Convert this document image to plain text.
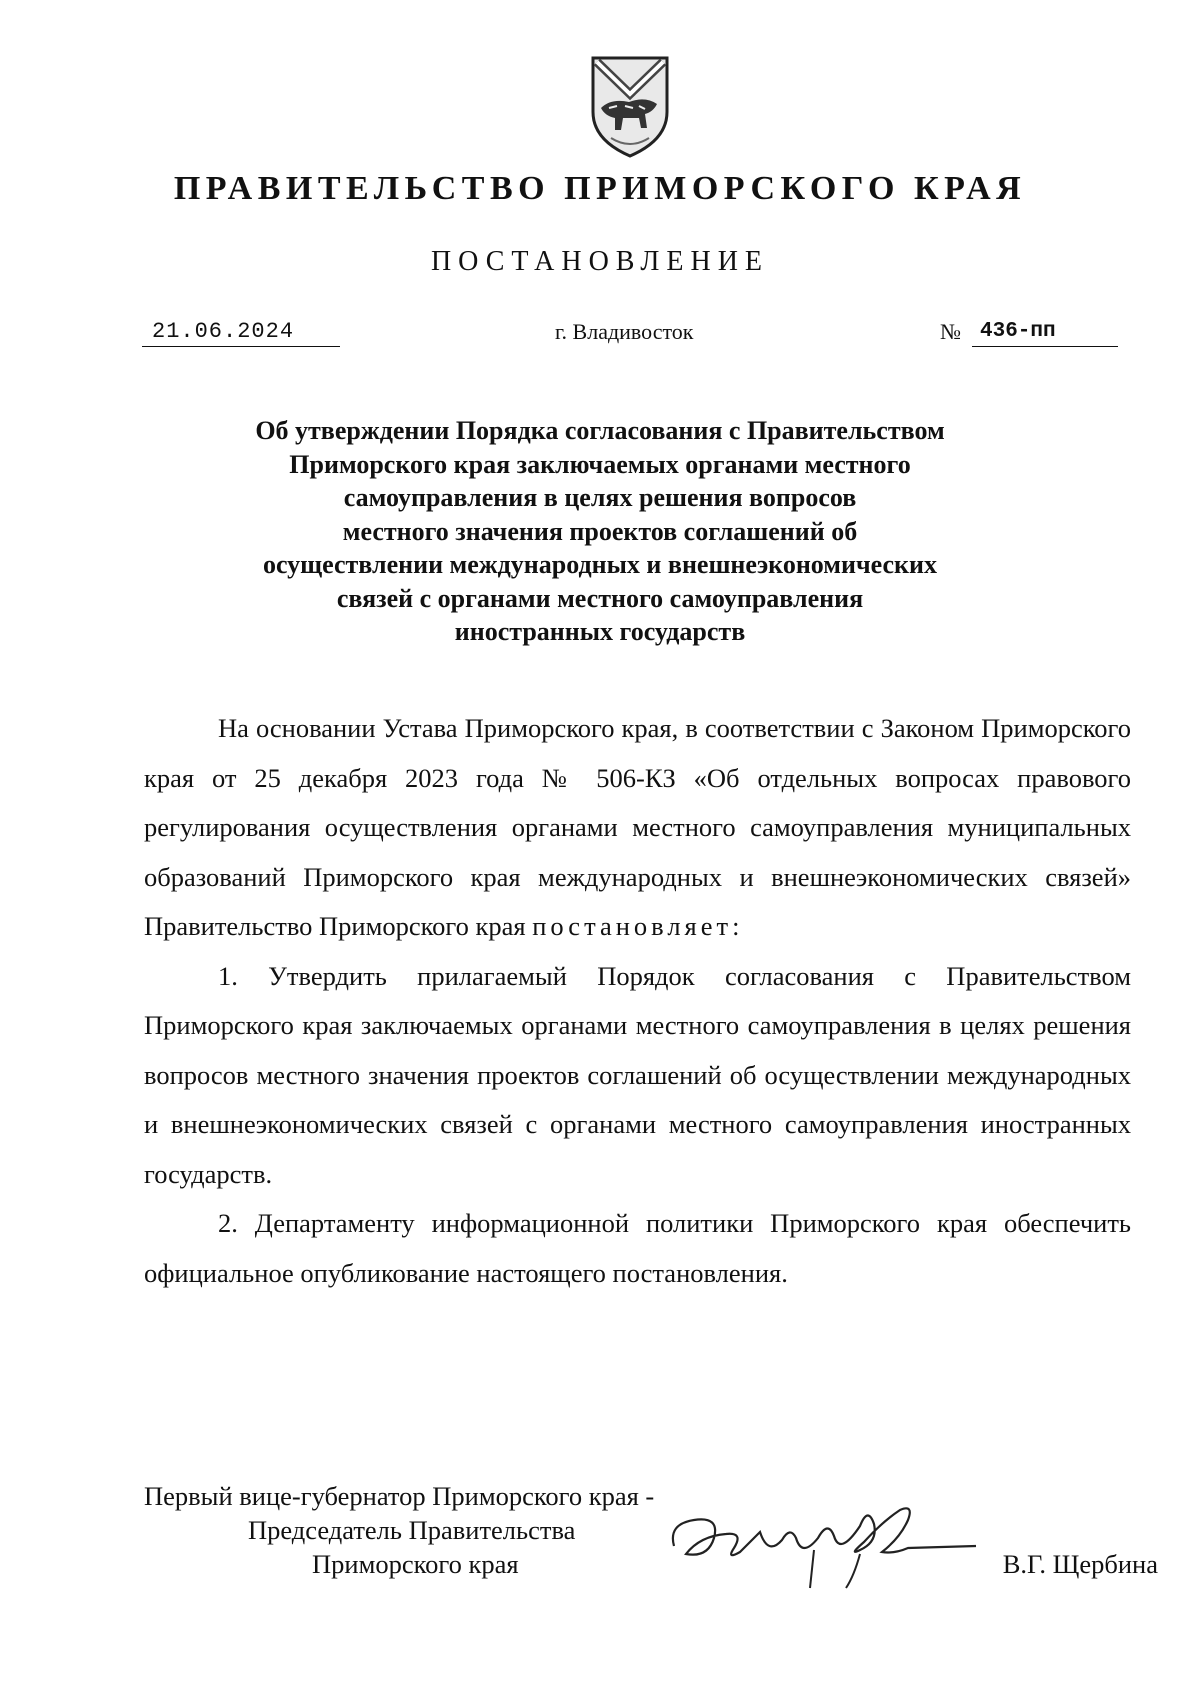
ПРАВИТЕЛЬСТВО ПРИМОРСКОГО КРАЯ
ПОСТАНОВЛЕНИЕ
21.06.2024	г. Владивосток	№ 436-пп
Об утверждении Порядка согласования с Правительством
Приморского края заключаемых органами местного
самоуправления в целях решения вопросов
местного значения проектов соглашений об
осуществлении международных и внешнеэкономических
связей с органами местного самоуправления
иностранных государств

На основании Устава Приморского края, в соответствии с Законом Приморского края от 25 декабря 2023 года № 506-КЗ «Об отдельных вопросах правового регулирования осуществления органами местного самоуправления муниципальных образований Приморского края международных и внешнеэкономических связей» Правительство Приморского края постановляет:

1. Утвердить прилагаемый Порядок согласования с Правительством Приморского края заключаемых органами местного самоуправления в целях решения вопросов местного значения проектов соглашений об осуществлении международных и внешнеэкономических связей с органами местного самоуправления иностранных государств.

2. Департаменту информационной политики Приморского края обеспечить официальное опубликование настоящего постановления.

Первый вице-губернатор Приморского края -
Председатель Правительства
Приморского края	В.Г. Щербина
